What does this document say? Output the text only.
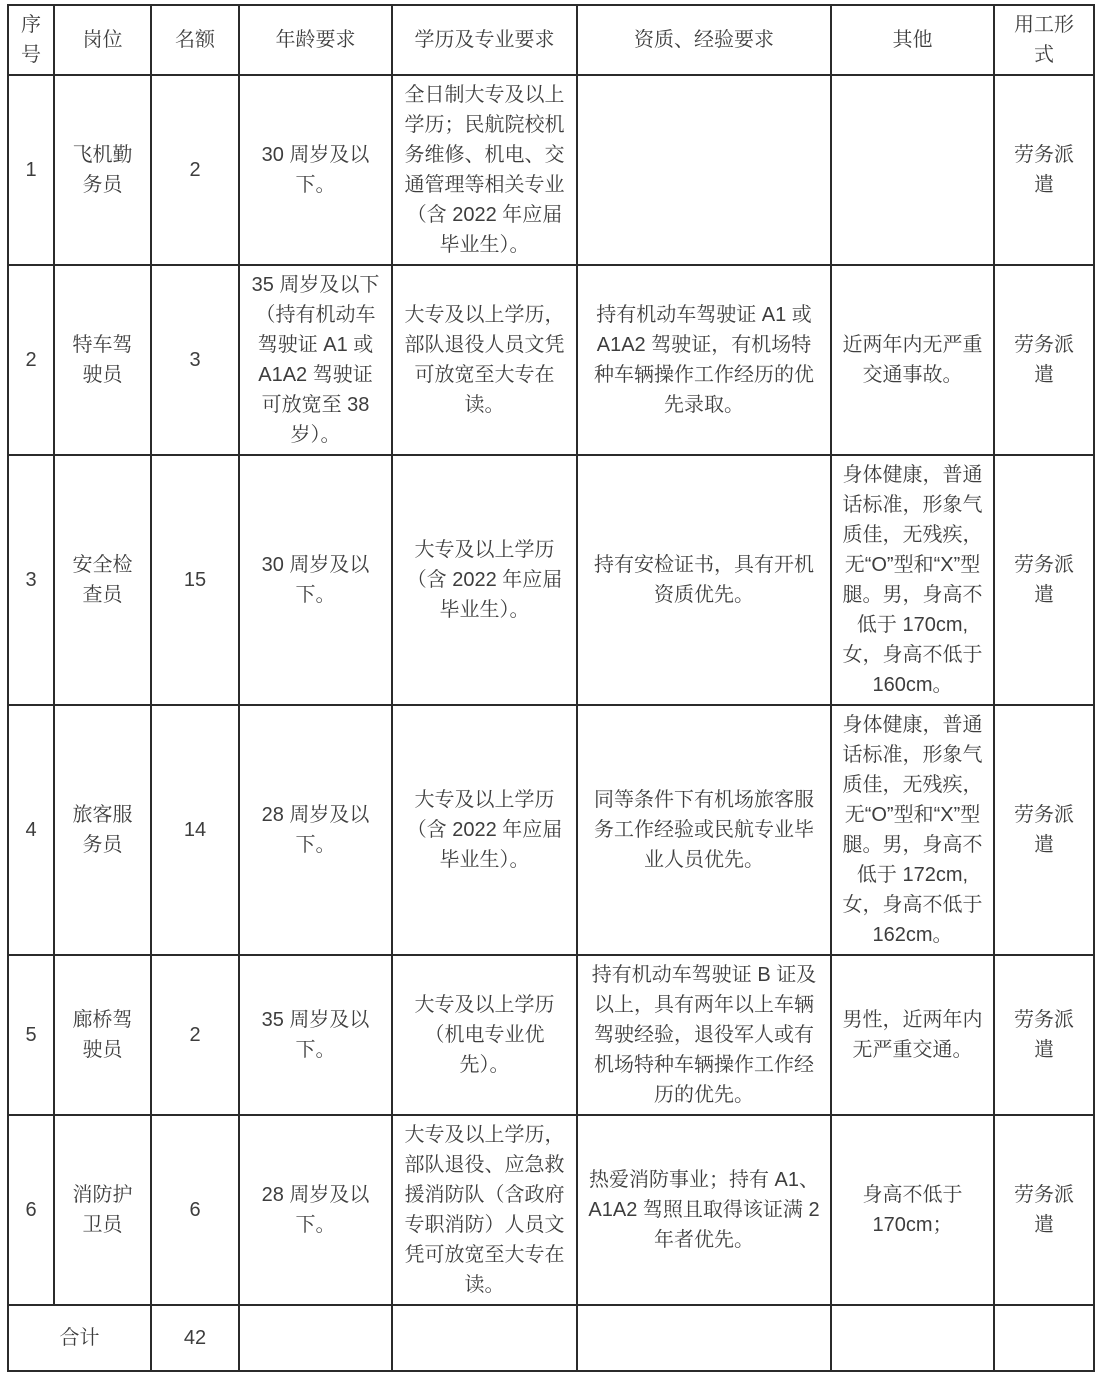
序号	岗位	名额	年龄要求	学历及专业要求	资质、经验要求	其他	用工形式
1	飞机勤务员	2	30 周岁及以下。	全日制大专及以上学历；民航院校机务维修、机电、交通管理等相关专业（含 2022 年应届毕业生）。			劳务派遣
2	特车驾驶员	3	35 周岁及以下（持有机动车驾驶证 A1 或 A1A2 驾驶证可放宽至 38 岁）。	大专及以上学历，部队退役人员文凭可放宽至大专在读。	持有机动车驾驶证 A1 或 A1A2 驾驶证，有机场特种车辆操作工作经历的优先录取。	近两年内无严重交通事故。	劳务派遣
3	安全检查员	15	30 周岁及以下。	大专及以上学历（含 2022 年应届毕业生）。	持有安检证书，具有开机资质优先。	身体健康，普通话标准，形象气质佳，无残疾，无“O”型和“X”型腿。男，身高不低于 170cm, 女，身高不低于 160cm。	劳务派遣
4	旅客服务员	14	28 周岁及以下。	大专及以上学历（含 2022 年应届毕业生）。	同等条件下有机场旅客服务工作经验或民航专业毕业人员优先。	身体健康，普通话标准，形象气质佳，无残疾，无“O”型和“X”型腿。男，身高不低于 172cm, 女，身高不低于 162cm。	劳务派遣
5	廊桥驾驶员	2	35 周岁及以下。	大专及以上学历（机电专业优先）。	持有机动车驾驶证 B 证及以上，具有两年以上车辆驾驶经验，退役军人或有机场特种车辆操作工作经历的优先。	男性，近两年内无严重交通。	劳务派遣
6	消防护卫员	6	28 周岁及以下。	大专及以上学历，部队退役、应急救援消防队（含政府专职消防）人员文凭可放宽至大专在读。	热爱消防事业；持有 A1、A1A2 驾照且取得该证满 2 年者优先。	身高不低于 170cm；	劳务派遣
合计		42					
